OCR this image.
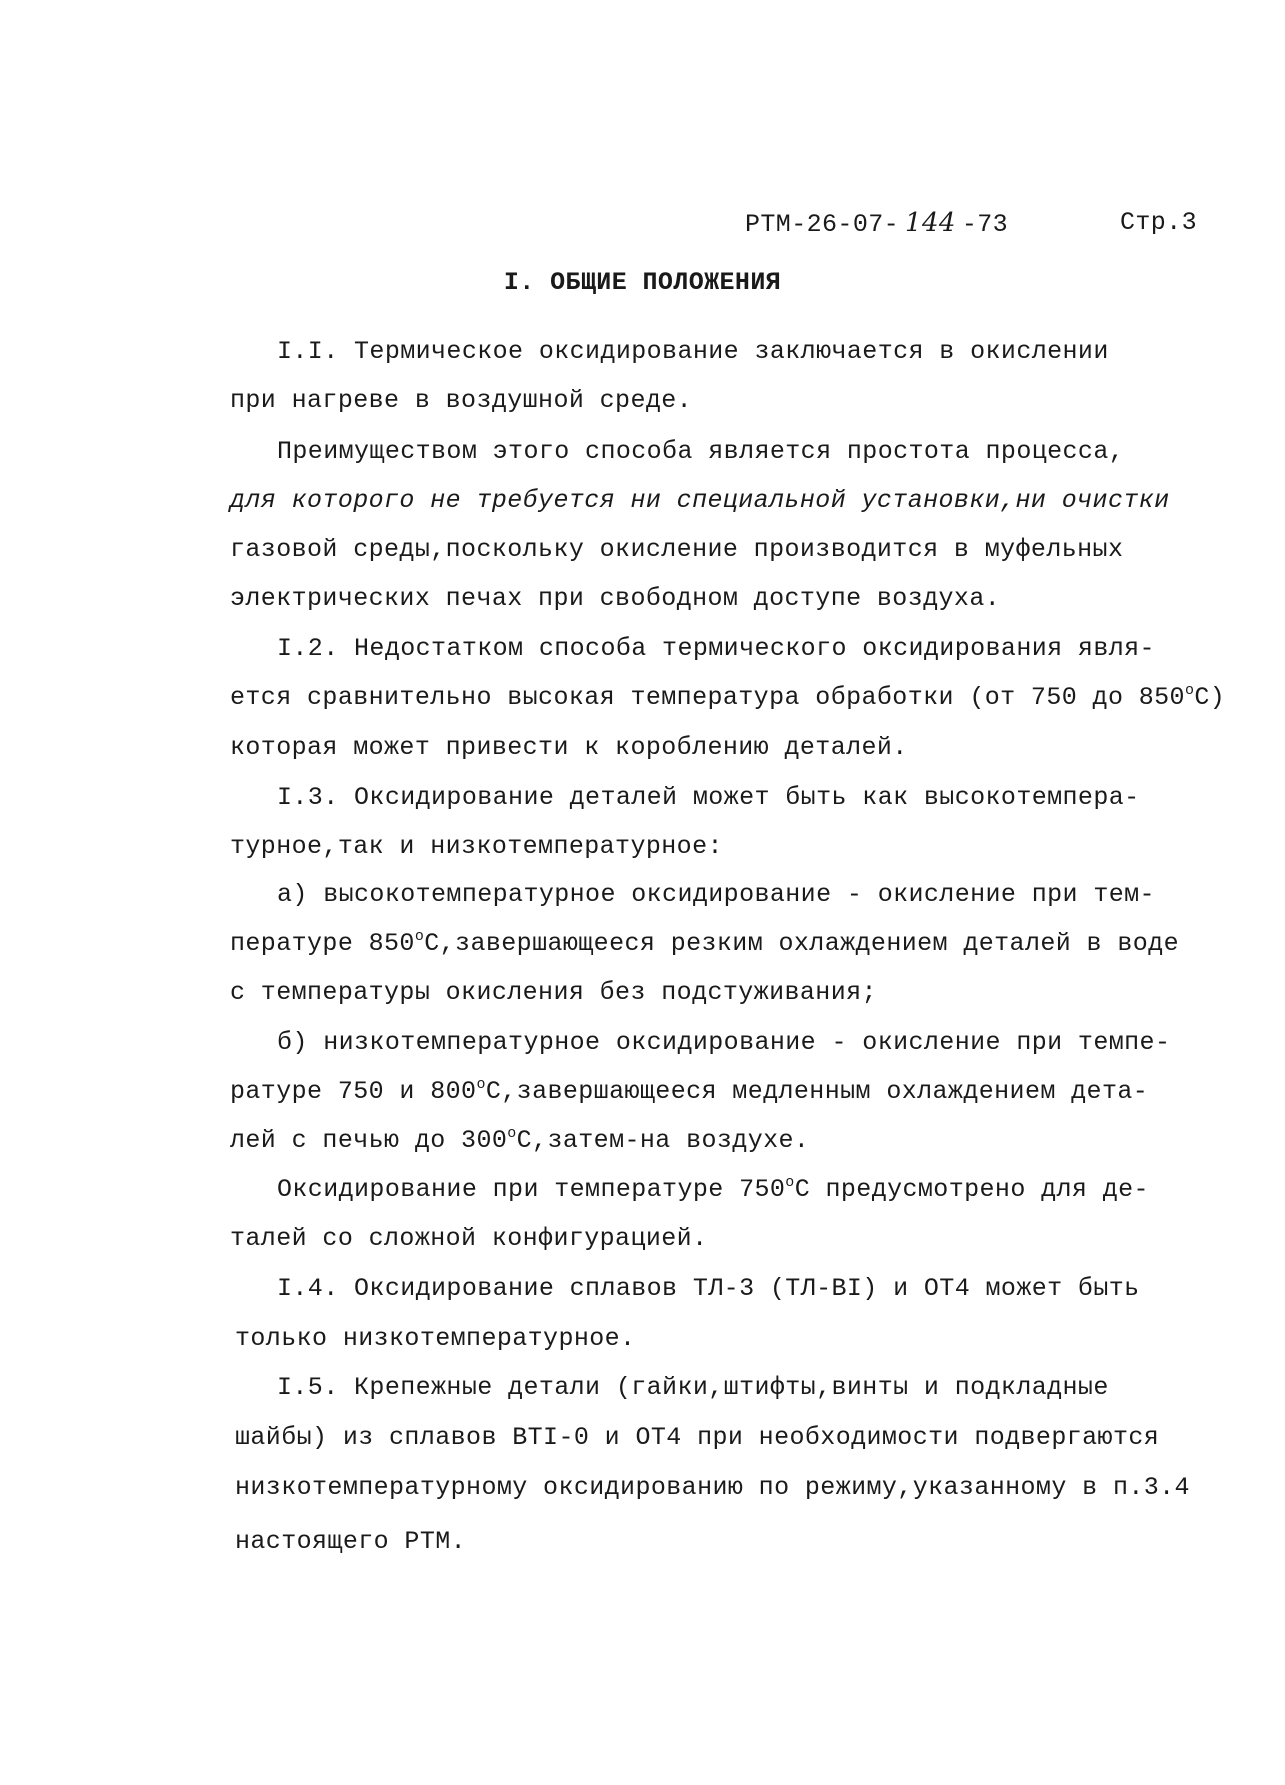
РТМ-26-07- 144 -73	Стр.3
I. ОБЩИЕ ПОЛОЖЕНИЯ
I.I. Термическое оксидирование заключается в окислении
при нагреве в воздушной среде.
Преимуществом этого способа является простота процесса,
для которого не требуется ни специальной установки,ни очистки
газовой среды,поскольку окисление производится в муфельных
электрических печах при свободном доступе воздуха.
I.2. Недостатком способа термического оксидирования явля-
ется сравнительно высокая температура обработки (от 750 до 850$^o$C)
которая может привести к короблению деталей.
I.3. Оксидирование деталей может быть как высокотемпера-
турное,так и низкотемпературное:
а) высокотемпературное оксидирование - окисление при тем-
пературе 850$^o$C,завершающееся резким охлаждением деталей в воде
с температуры окисления без подстуживания;
б) низкотемпературное оксидирование - окисление при темпе-
ратуре 750 и 800$^o$C,завершающееся медленным охлаждением дета-
лей с печью до 300$^o$C,затем-на воздухе.
Оксидирование при температуре 750$^o$C предусмотрено для де-
талей со сложной конфигурацией.
I.4. Оксидирование сплавов ТЛ-3 (ТЛ-ВI) и ОТ4 может быть
только низкотемпературное.
I.5. Крепежные детали (гайки,штифты,винты и подкладные
шайбы) из сплавов ВТI-0 и ОТ4 при необходимости подвергаются
низкотемпературному оксидированию по режиму,указанному в п.3.4
настоящего РТМ.
